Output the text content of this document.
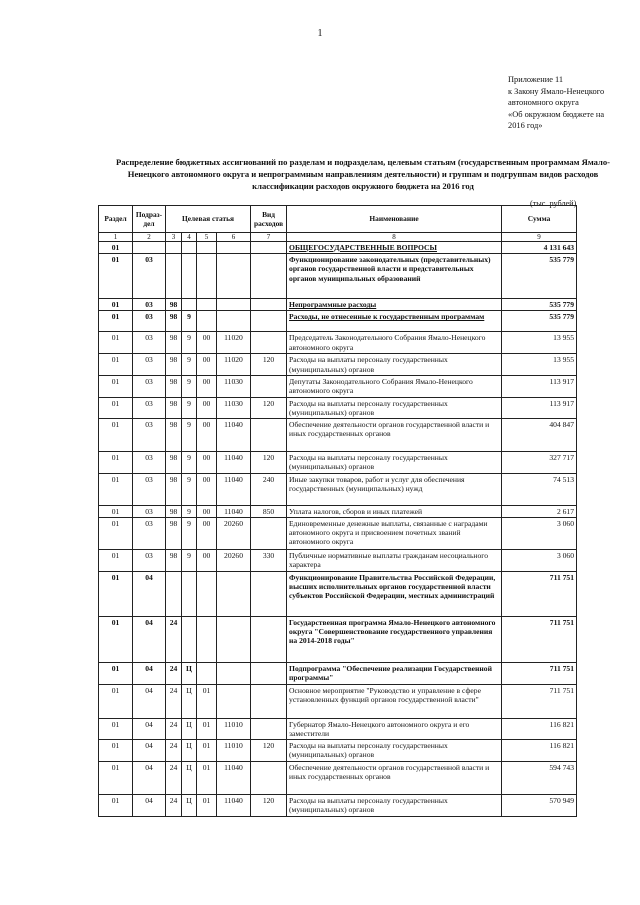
1
Приложение 11
к Закону Ямало-Ненецкого
автономного округа
«Об окружном бюджете на
2016 год»
Распределение бюджетных ассигнований по разделам и подразделам, целевым статьям (государственным программам Ямало-Ненецкого автономного округа и непрограммным направлениям деятельности) и группам и подгруппам видов расходов классификации расходов окружного бюджета на 2016 год
(тыс. рублей)
Раздел	Подраз-дел	Целевая статья				Вид расходов	Наименование	Сумма
1	2	3	4	5	6	7	8	9
01							ОБЩЕГОСУДАРСТВЕННЫЕ ВОПРОСЫ	4 131 643
01	03						Функционирование законодательных (представительных) органов государственной власти и представительных органов муниципальных образований	535 779
01	03	98					Непрограммные расходы	535 779
01	03	98	9				Расходы, не отнесенные к государственным программам	535 779
01	03	98	9	00	11020		Председатель Законодательного Собрания Ямало-Ненецкого автономного округа	13 955
01	03	98	9	00	11020	120	Расходы на выплаты персоналу государственных (муниципальных) органов	13 955
01	03	98	9	00	11030		Депутаты Законодательного Собрания Ямало-Ненецкого автономного округа	113 917
01	03	98	9	00	11030	120	Расходы на выплаты персоналу государственных (муниципальных) органов	113 917
01	03	98	9	00	11040		Обеспечение деятельности органов государственной власти и иных государственных органов	404 847
01	03	98	9	00	11040	120	Расходы на выплаты персоналу государственных (муниципальных) органов	327 717
01	03	98	9	00	11040	240	Иные закупки товаров, работ и услуг для обеспечения государственных (муниципальных) нужд	74 513
01	03	98	9	00	11040	850	Уплата налогов, сборов и иных платежей	2 617
01	03	98	9	00	20260		Единовременные денежные выплаты, связанные с наградами автономного округа и присвоением почетных званий автономного округа	3 060
01	03	98	9	00	20260	330	Публичные нормативные выплаты гражданам несоциального характера	3 060
01	04						Функционирование Правительства Российской Федерации, высших исполнительных органов государственной власти субъектов Российской Федерации, местных администраций	711 751
01	04	24					Государственная программа Ямало-Ненецкого автономного округа "Совершенствование государственного управления на 2014-2018 годы"	711 751
01	04	24	Ц				Подпрограмма "Обеспечение реализации Государственной программы"	711 751
01	04	24	Ц	01			Основное мероприятие "Руководство и управление в сфере установленных функций органов государственной власти"	711 751
01	04	24	Ц	01	11010		Губернатор Ямало-Ненецкого автономного округа и его заместители	116 821
01	04	24	Ц	01	11010	120	Расходы на выплаты персоналу государственных (муниципальных) органов	116 821
01	04	24	Ц	01	11040		Обеспечение деятельности органов государственной власти и иных государственных органов	594 743
01	04	24	Ц	01	11040	120	Расходы на выплаты персоналу государственных (муниципальных) органов	570 949
